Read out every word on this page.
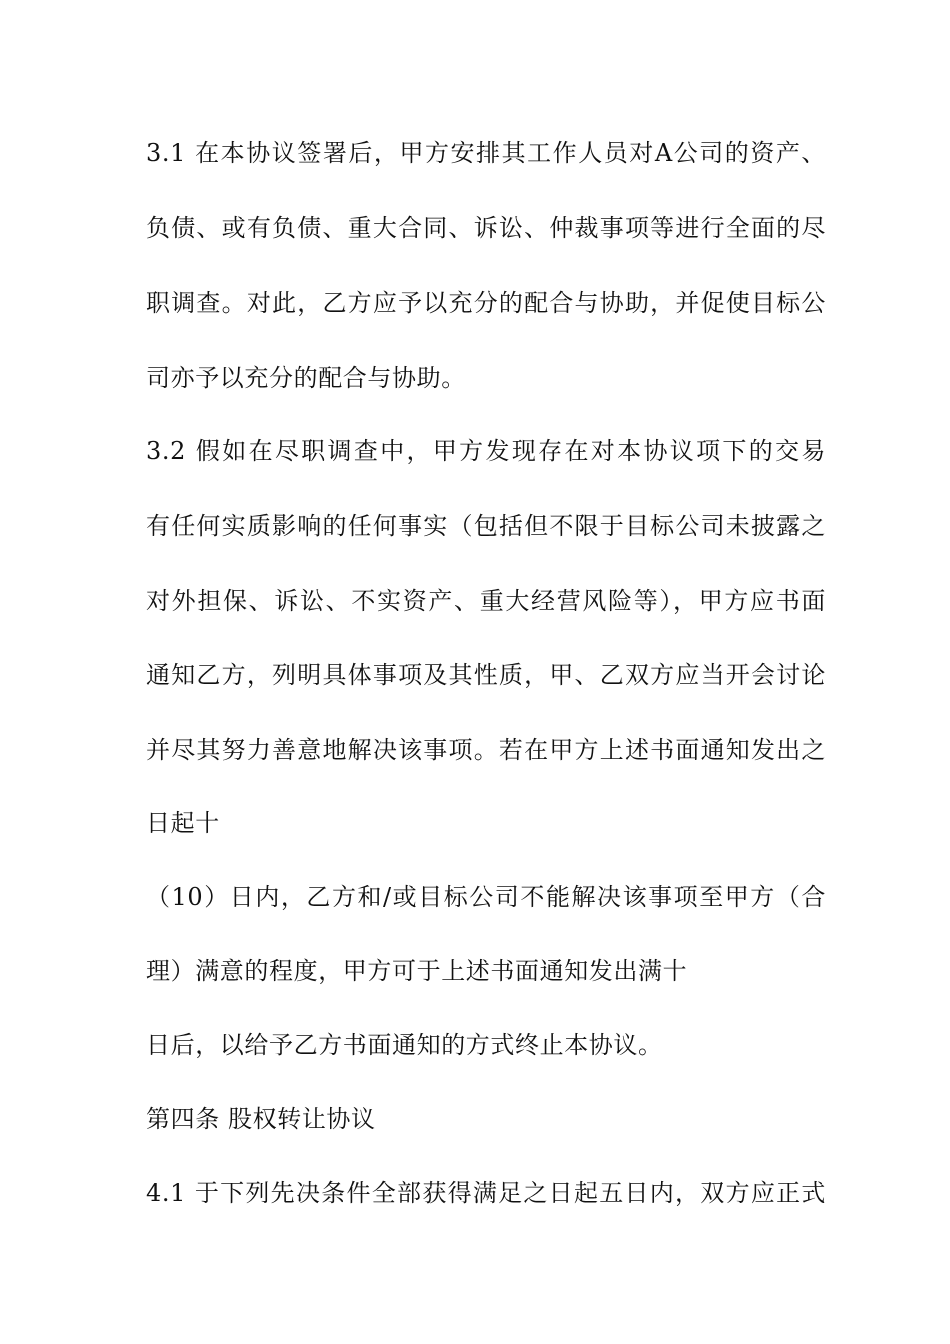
3.1 在本协议签署后，甲方安排其工作人员对A公司的资产、
负债、或有负债、重大合同、诉讼、仲裁事项等进行全面的尽
职调查。对此，乙方应予以充分的配合与协助，并促使目标公
司亦予以充分的配合与协助。
3.2 假如在尽职调查中，甲方发现存在对本协议项下的交易
有任何实质影响的任何事实（包括但不限于目标公司未披露之
对外担保、诉讼、不实资产、重大经营风险等），甲方应书面
通知乙方，列明具体事项及其性质，甲、乙双方应当开会讨论
并尽其努力善意地解决该事项。若在甲方上述书面通知发出之
日起十
（10）日内，乙方和/或目标公司不能解决该事项至甲方（合
理）满意的程度，甲方可于上述书面通知发出满十
日后，以给予乙方书面通知的方式终止本协议。
第四条 股权转让协议
4.1 于下列先决条件全部获得满足之日起五日内，双方应正式
